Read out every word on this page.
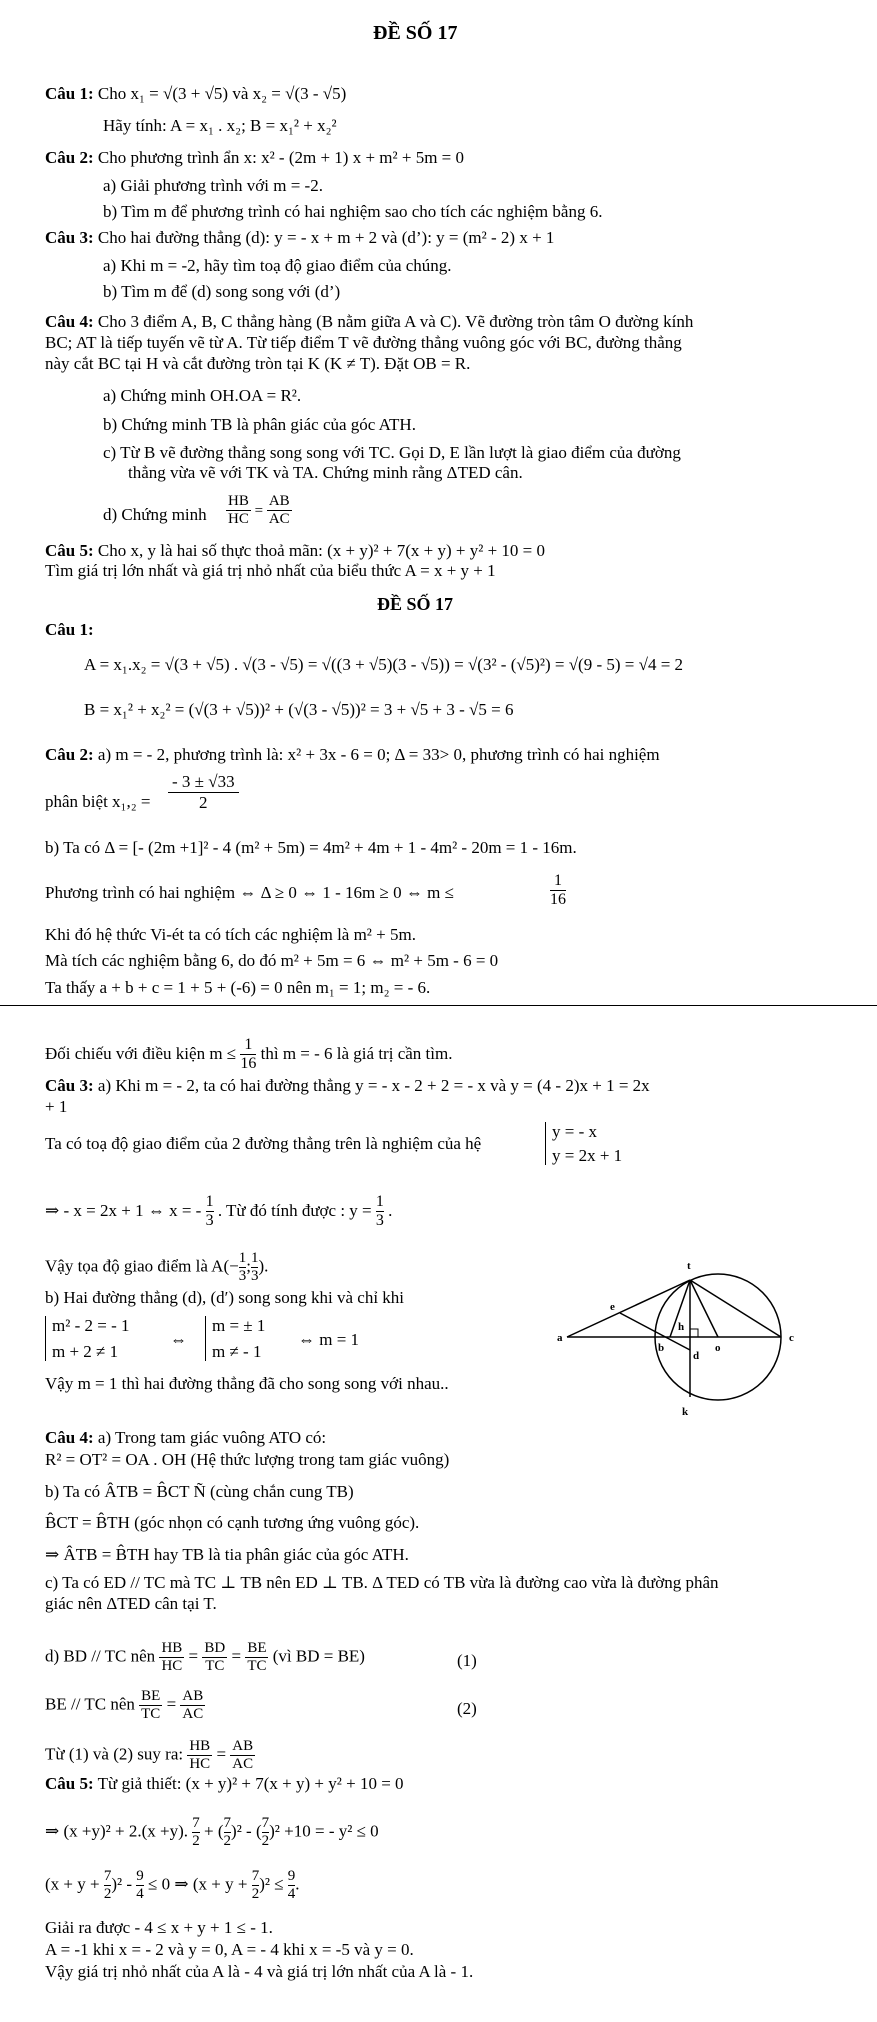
ĐỀ SỐ 17
Câu 1: Cho x₁ = √(3 + √5) và x₂ = √(3 - √5)
Hãy tính: A = x₁ . x₂; B = x₁² + x₂²
Câu 2: Cho phương trình ẩn x: x² - (2m + 1) x + m² + 5m = 0
a) Giải phương trình với m = -2.
b) Tìm m để phương trình có hai nghiệm sao cho tích các nghiệm bằng 6.
Câu 3: Cho hai đường thẳng (d): y = - x + m + 2 và (d’): y = (m² - 2) x + 1
a) Khi m = -2, hãy tìm toạ độ giao điểm của chúng.
b) Tìm m để (d) song song với (d’)
Câu 4: Cho 3 điểm A, B, C thẳng hàng (B nằm giữa A và C). Vẽ đường tròn tâm O đường kính
BC; AT là tiếp tuyến vẽ từ A. Từ tiếp điểm T vẽ đường thẳng vuông góc với BC, đường thẳng
này cắt BC tại H và cắt đường tròn tại K (K ≠ T). Đặt OB = R.
a) Chứng minh OH.OA = R².
b) Chứng minh TB là phân giác của góc ATH.
c) Từ B vẽ đường thẳng song song với TC. Gọi D, E lần lượt là giao điểm của đường
thẳng vừa vẽ với TK và TA. Chứng minh rằng ΔTED cân.
d) Chứng minh $\frac{HB}{HC} = \frac{AB}{AC}$
Câu 5: Cho x, y là hai số thực thoả mãn: (x + y)² + 7(x + y) + y² + 10 = 0
Tìm giá trị lớn nhất và giá trị nhỏ nhất của biểu thức A = x + y + 1
ĐỀ SỐ 17
Câu 1:
A = x₁.x₂ = √(3 + √5) . √(3 - √5) = √((3 + √5)(3 - √5)) = √(3² - (√5)²) = √(9 - 5) = √4 = 2
B = x₁² + x₂² = (√(3 + √5))² + (√(3 - √5))² = 3 + √5 + 3 - √5 = 6
Câu 2: a) m = - 2, phương trình là: x² + 3x - 6 = 0; Δ = 33> 0, phương trình có hai nghiệm
phân biệt x₁,₂ =
- 3 ± √33
2
b) Ta có Δ = [- (2m +1]² - 4 (m² + 5m) = 4m² + 4m + 1 - 4m² - 20m = 1 - 16m.
Phương trình có hai nghiệm ⇔ Δ ≥ 0 ⇔ 1 - 16m ≥ 0 ⇔ m ≤
1
16
Khi đó hệ thức Vi-ét ta có tích các nghiệm là m² + 5m.
Mà tích các nghiệm bằng 6, do đó m² + 5m = 6 ⇔ m² + 5m - 6 = 0
Ta thấy a + b + c = 1 + 5 + (-6) = 0 nên m₁ = 1; m₂ = - 6.
Đối chiếu với điều kiện $m \le \frac{1}{16}$ thì m = - 6 là giá trị cần tìm.
Câu 3: a) Khi m = - 2, ta có hai đường thẳng y = - x - 2 + 2 = - x và y = (4 - 2)x + 1 = 2x
+ 1
Ta có toạ độ giao điểm của 2 đường thẳng trên là nghiệm của hệ
y = - x
y = 2x + 1
⇒ - x = 2x + 1 ⇔ x = - $\frac{1}{3}$ . Từ đó tính được : $y = \frac{1}{3}$ .
Vậy tọa độ giao điểm là $A(- \frac{1}{3}$ ; $\frac{1}{3}$ ).
b) Hai đường thẳng (d), (d′) song song khi và chỉ khi
m² - 2 = - 1
m + 2 ≠ 1
⇔
m = ± 1
m ≠ - 1
⇔ m = 1
Vậy m = 1 thì hai đường thẳng đã cho song song với nhau..
t
e
a
b
h
o
d
c
k
Câu 4: a) Trong tam giác vuông ATO có:
R² = OT² = OA . OH (Hệ thức lượng trong tam giác vuông)
b) Ta có ÂTB = B̂CT Ñ (cùng chắn cung TB)
B̂CT = B̂TH (góc nhọn có cạnh tương ứng vuông góc).
⇒ ÂTB = B̂TH hay TB là tia phân giác của góc ATH.
c) Ta có ED // TC mà TC ⊥ TB nên ED ⊥ TB. Δ TED có TB vừa là đường cao vừa là đường phân
giác nên ΔTED cân tại T.
d) BD // TC nên $\frac{HB}{HC} = \frac{BD}{TC} = \frac{BE}{TC}$ (vì BD = BE)	(1)
BE // TC nên $\frac{BE}{TC} = \frac{AB}{AC}$	(2)
Từ (1) và (2) suy ra: $\frac{HB}{HC} = \frac{AB}{AC}$
Câu 5: Từ giả thiết: (x + y)² + 7(x + y) + y² + 10 = 0
⇒ (x +y)² + 2.(x +y). $\frac{7}{2}$ + ( $\frac{7}{2} )^2$ - ( $\frac{7}{2} )^2 +10$ = - y² ≤ 0
$(x + y + \frac{7}{2} )^2 - \frac{9}{4} \le 0$ ⇒ $(x + y + \frac{7}{2} )^2 \le \frac{9}{4}$ .
Giải ra được - 4 ≤ x + y + 1 ≤ - 1.
A = -1 khi x = - 2 và y = 0, A = - 4 khi x = -5 và y = 0.
Vậy giá trị nhỏ nhất của A là - 4 và giá trị lớn nhất của A là - 1.
